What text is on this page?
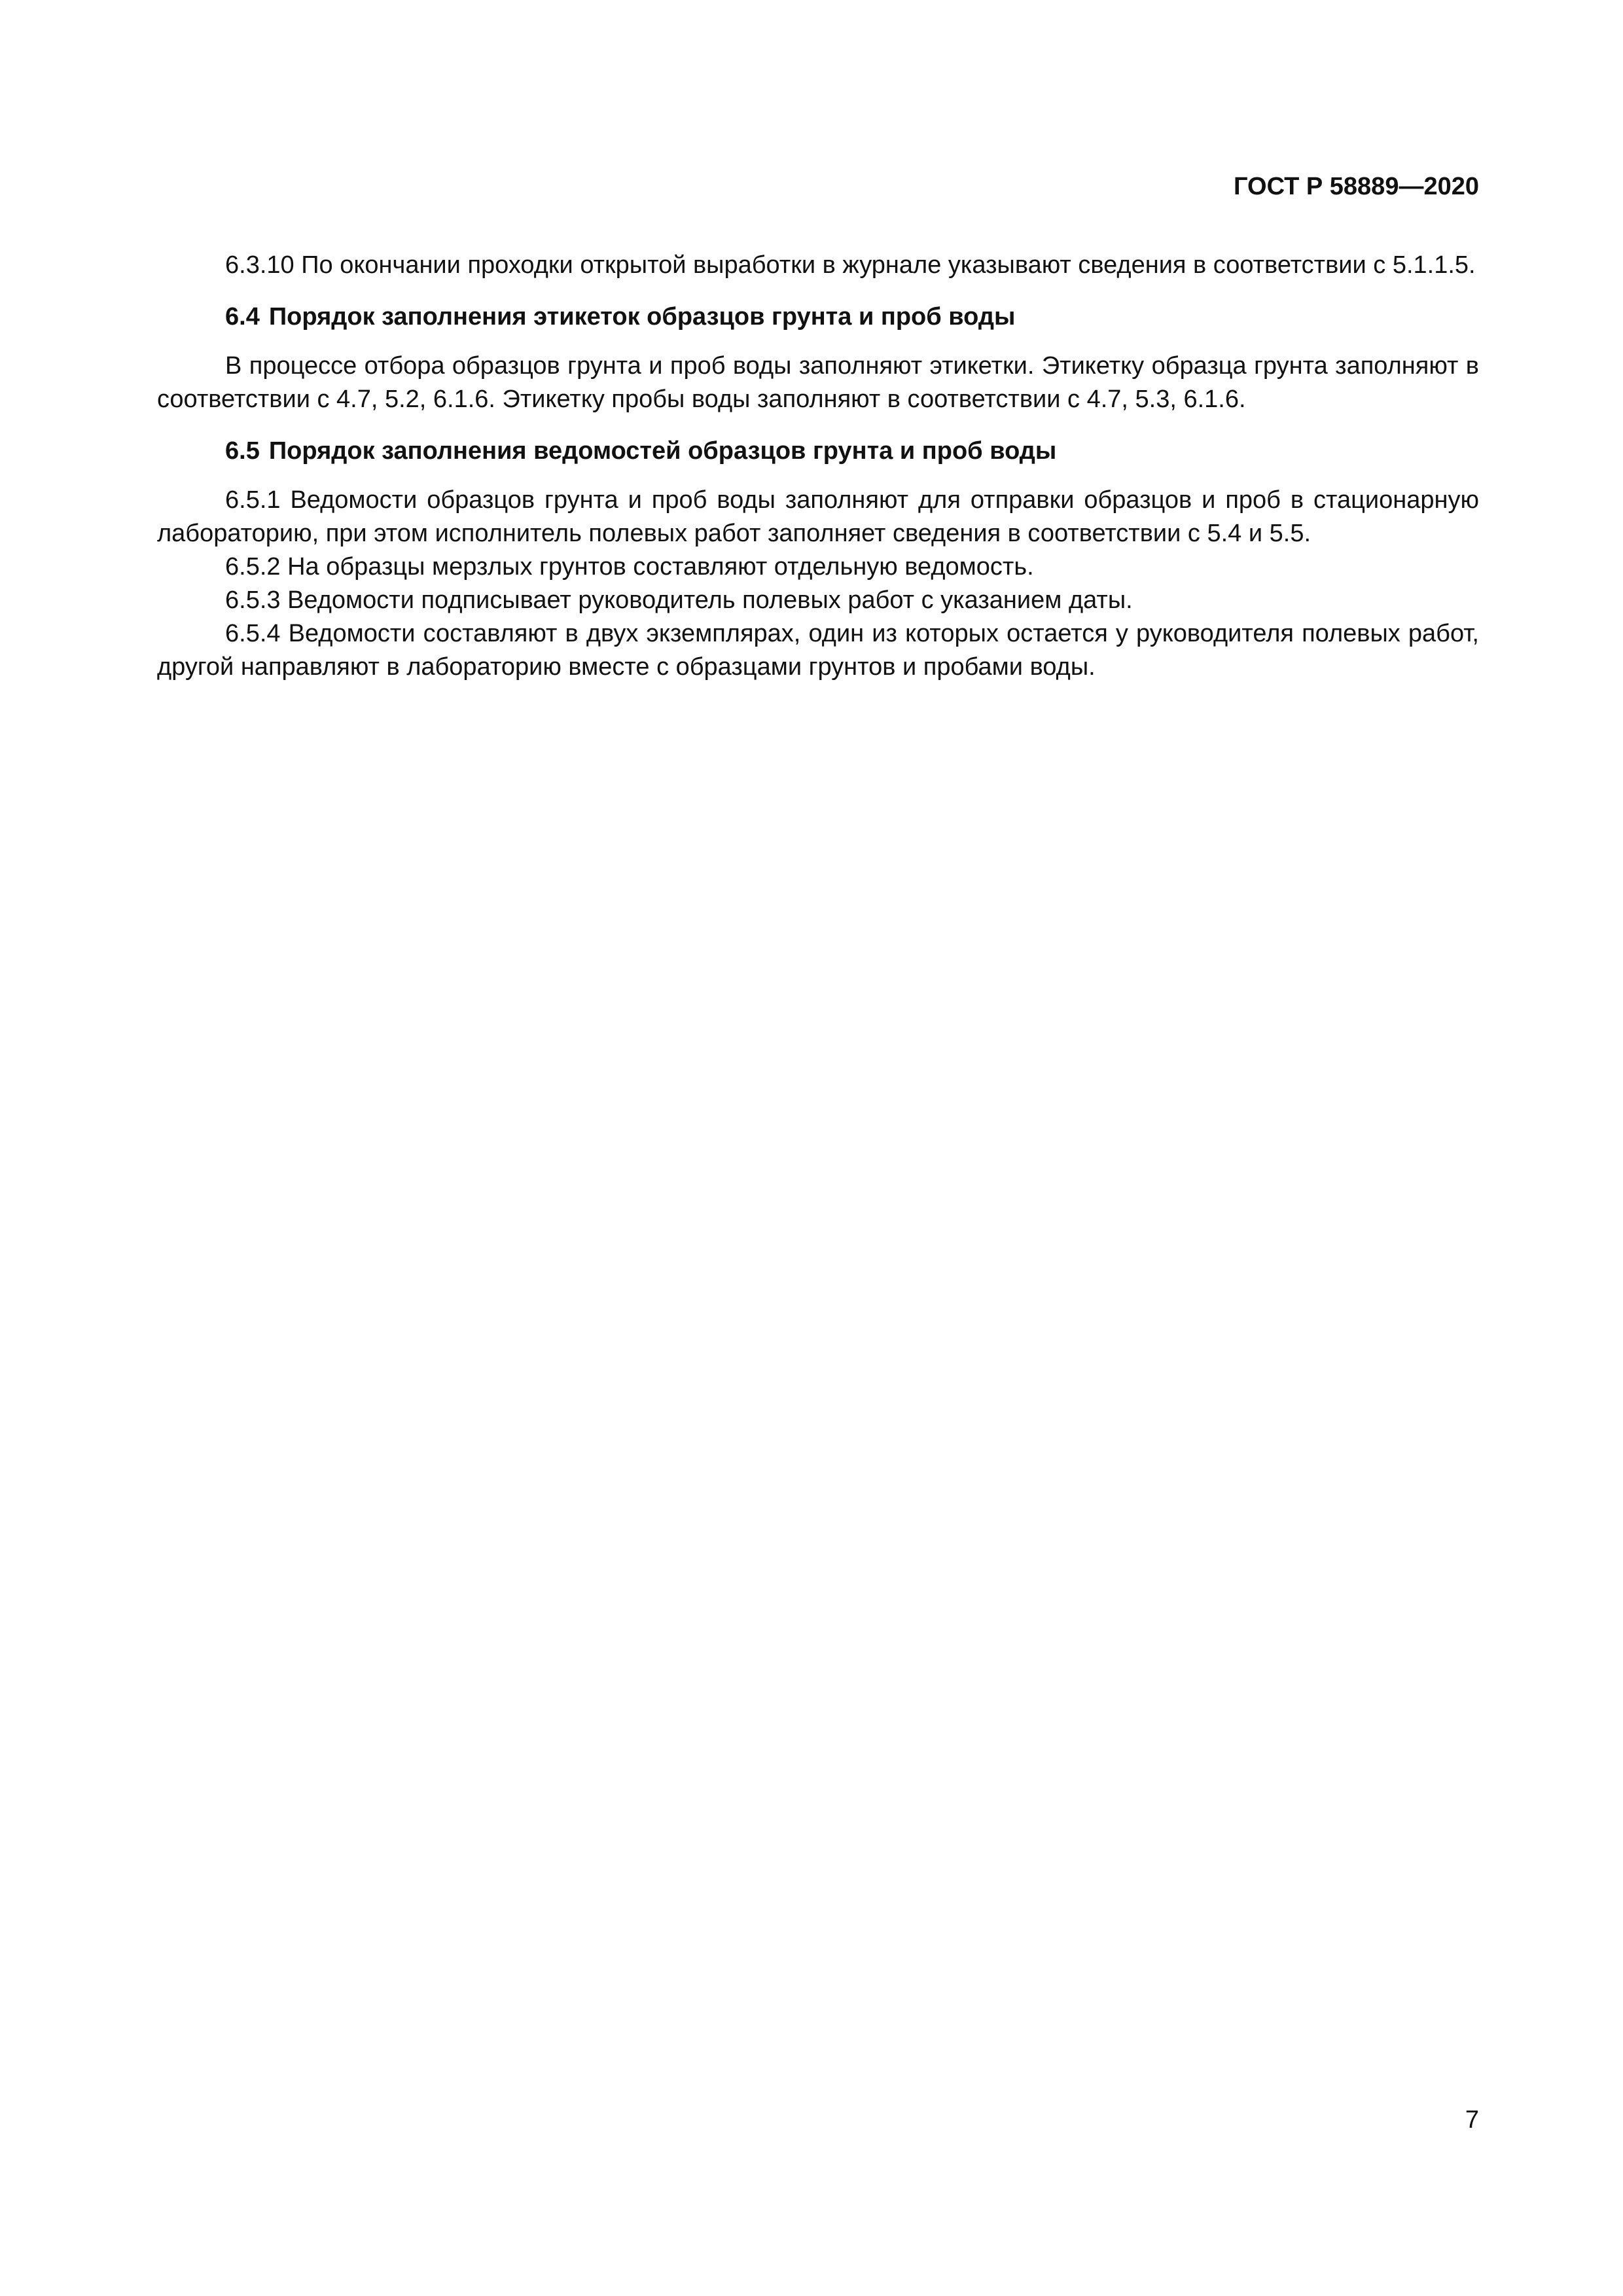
ГОСТ Р 58889—2020

6.3.10 По окончании проходки открытой выработки в журнале указывают сведения в соответствии с 5.1.1.5.

6.4 Порядок заполнения этикеток образцов грунта и проб воды

В процессе отбора образцов грунта и проб воды заполняют этикетки. Этикетку образца грунта заполняют в соответствии с 4.7, 5.2, 6.1.6. Этикетку пробы воды заполняют в соответствии с 4.7, 5.3, 6.1.6.

6.5 Порядок заполнения ведомостей образцов грунта и проб воды

6.5.1 Ведомости образцов грунта и проб воды заполняют для отправки образцов и проб в стационарную лабораторию, при этом исполнитель полевых работ заполняет сведения в соответствии с 5.4 и 5.5.

6.5.2 На образцы мерзлых грунтов составляют отдельную ведомость.

6.5.3 Ведомости подписывает руководитель полевых работ с указанием даты.

6.5.4 Ведомости составляют в двух экземплярах, один из которых остается у руководителя полевых работ, другой направляют в лабораторию вместе с образцами грунтов и пробами воды.

7
